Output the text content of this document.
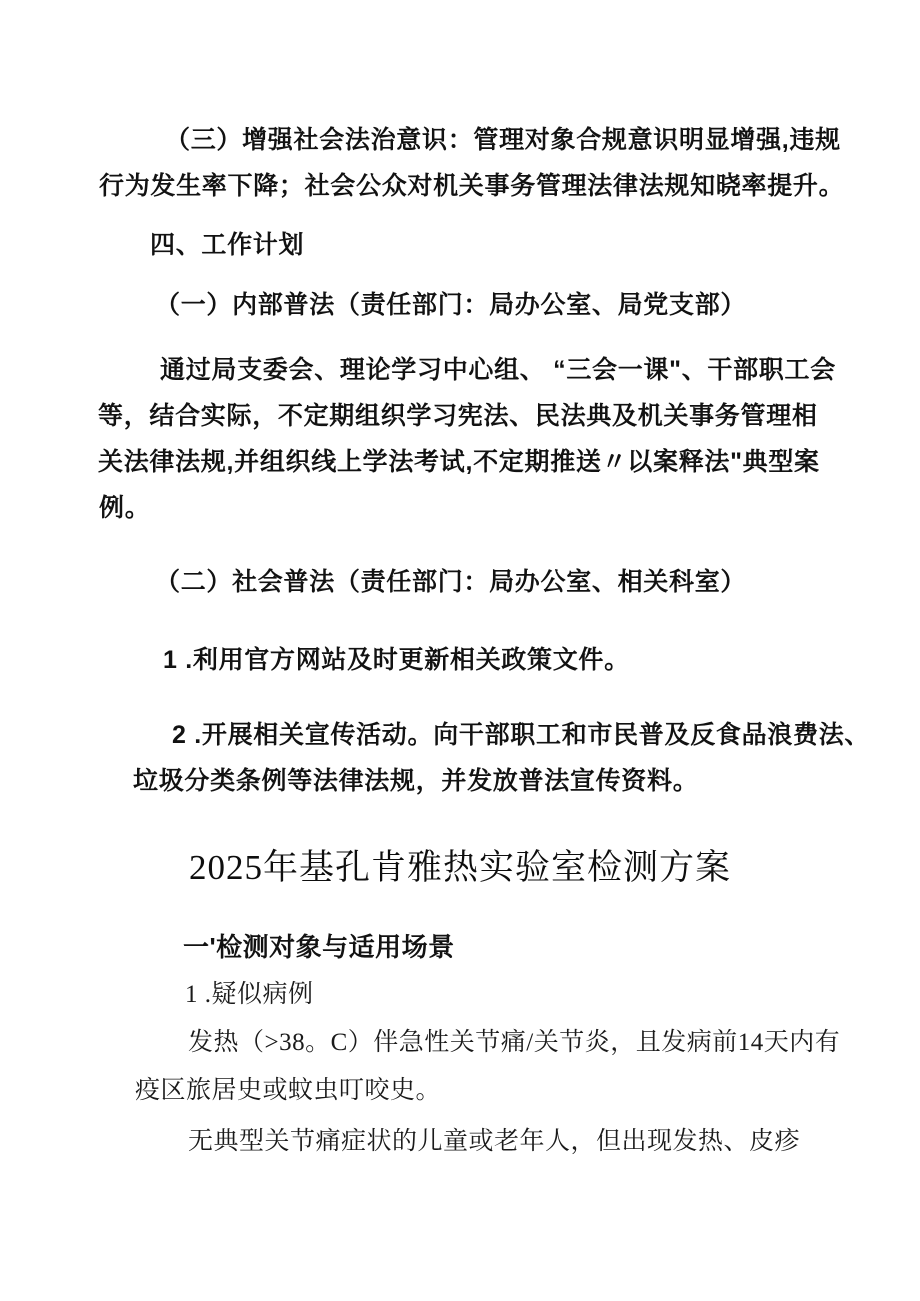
（三）增强社会法治意识：管理对象合规意识明显增强,违规
行为发生率下降；社会公众对机关事务管理法律法规知晓率提升。
四、工作计划
（一）内部普法（责任部门：局办公室、局党支部）
通过局支委会、理论学习中心组、 “三会一课"、干部职工会
等，结合实际，不定期组织学习宪法、民法典及机关事务管理相
关法律法规,并组织线上学法考试,不定期推送〃以案释法"典型案
例。
（二）社会普法（责任部门：局办公室、相关科室）
1 .利用官方网站及时更新相关政策文件。
2 .开展相关宣传活动。向干部职工和市民普及反食品浪费法、
垃圾分类条例等法律法规，并发放普法宣传资料。
2025年基孔肯雅热实验室检测方案
一'检测对象与适用场景
1 .疑似病例
发热（>38。C）伴急性关节痛/关节炎，且发病前14天内有
疫区旅居史或蚊虫叮咬史。
无典型关节痛症状的儿童或老年人，但出现发热、皮疹
